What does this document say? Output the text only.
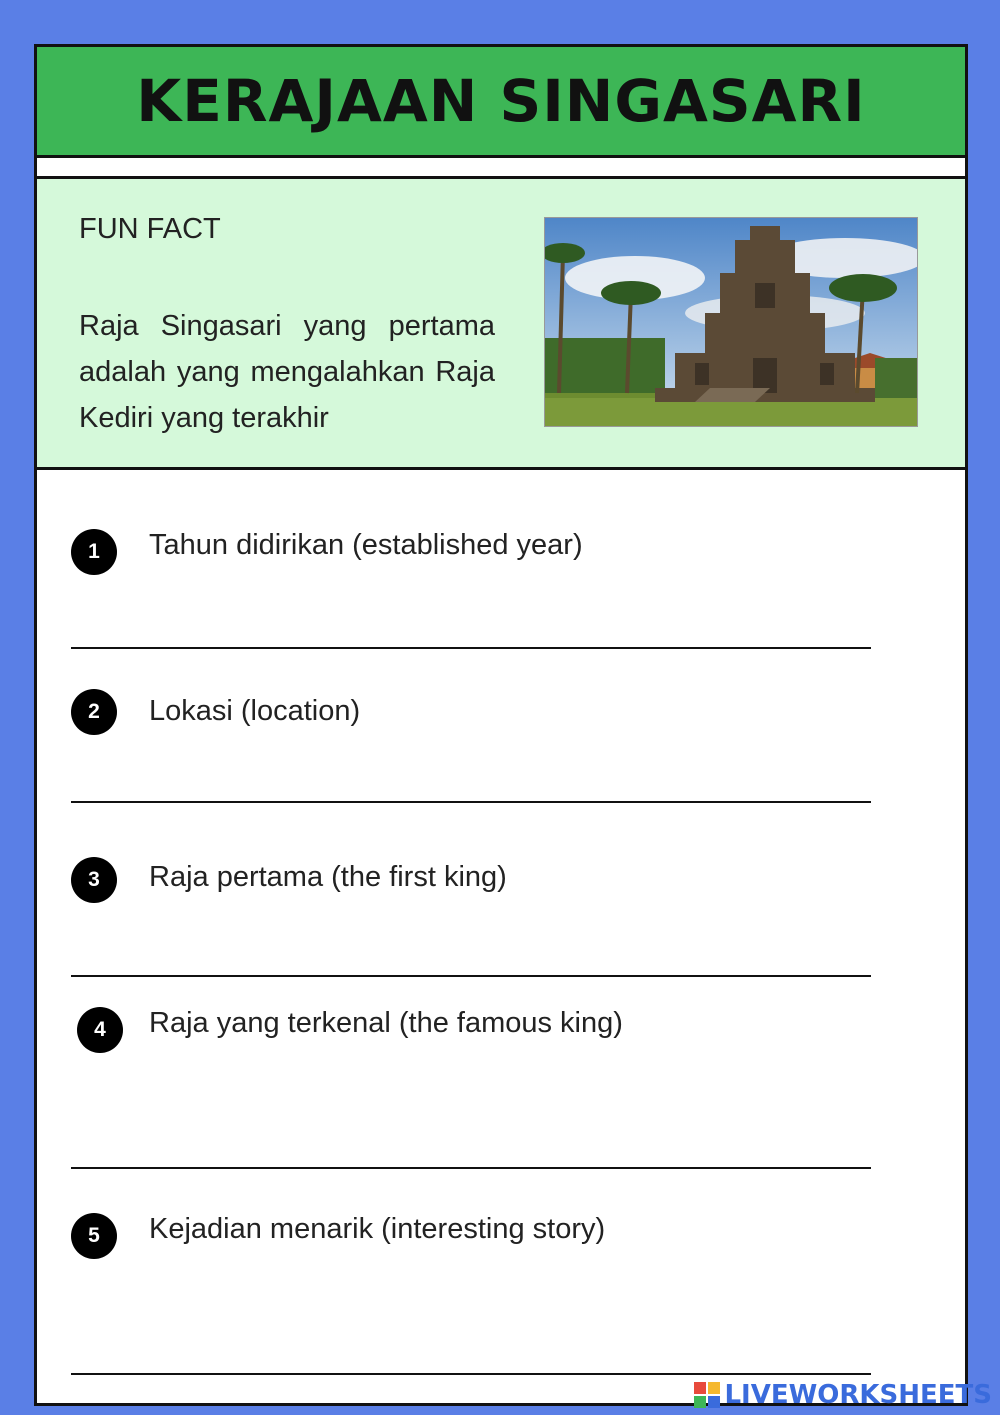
KERAJAAN SINGASARI
FUN FACT
Raja Singasari yang pertama adalah yang mengalahkan Raja Kediri yang terakhir
1	Tahun didirikan (established year)
2	Lokasi (location)
3	Raja pertama (the first king)
4	Raja yang terkenal (the famous king)
5	Kejadian menarik (interesting story)
LIVEWORKSHEETS
